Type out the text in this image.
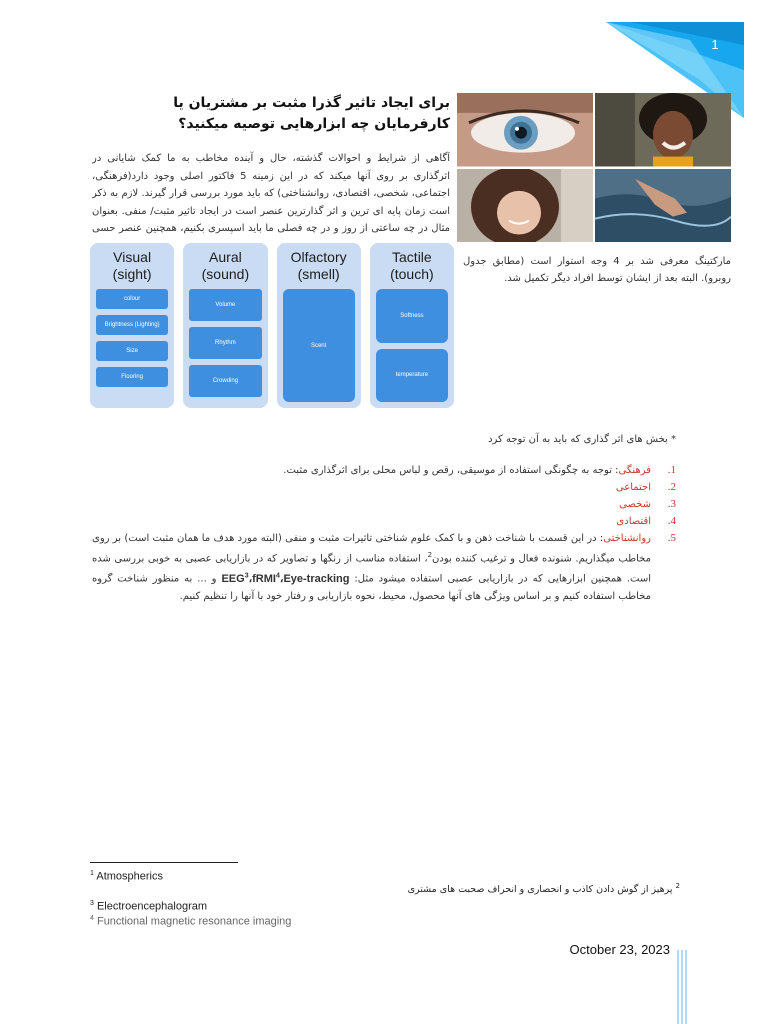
1
برای ایجاد تاثیر گذرا مثبت بر مشتریان یا کارفرمایان چه ابزارهایی توصیه میکنید؟
آگاهی از شرایط و احوالات گذشته، حال و آینده مخاطب به ما کمک شایانی در اثرگذاری بر روی آنها میکند که در این زمینه 5 فاکتور اصلی وجود دارد(فرهنگی، اجتماعی، شخصی، اقتصادی، روانشناختی) که باید مورد بررسی قرار گیرند. لازم به ذکر است زمان پایه ای ترین و اثر گذارترین عنصر است در ایجاد تاثیر مثبت/ منفی. بعنوان مثال در چه ساعتی از روز و در چه فصلی ما باید اسپسری بکنیم، همچنین عنصر حسی
مارکتینگ معرفی شد بر 4 وجه استوار است (مطابق جدول روبرو). البته بعد از ایشان توسط افراد دیگر تکمیل شد.
Visual
(sight)
colour
Brightness (Lighting)
Size
Flooring
Aural
(sound)
Volume
Rhythm
Crowding
Olfactory
(smell)
Scent
Tactile
(touch)
Softness
temperature
* بخش های اثر گذاری که باید به آن توجه کرد
1.
فرهنگی: توجه به چگونگی استفاده از موسیقی، رقص و لباس محلی برای اثرگذاری مثبت.
2.
اجتماعی
3.
شخصی
4.
اقتصادی
5.
روانشناختی: در این قسمت با شناخت ذهن و با کمک علوم شناختی تاثیرات مثبت و منفی (البته مورد هدف ما همان مثبت است) بر روی مخاطب میگذاریم. شنونده فعال و ترغیب کننده بودن$^2$، استفاده مناسب از رنگها و تصاویر که در بازاریابی عصبی به خوبی بررسی شده است. همچنین ابزارهایی که در بازاریابی عصبی استفاده میشود مثل: EEG$^3$،fRMI$^4$،Eye-tracking و ... به منظور شناخت گروه مخاطب استفاده کنیم و بر اساس ویژگی های آنها محصول، محیط، نحوه بازاریابی و رفتار خود با آنها را تنظیم کنیم.
$^1$ Atmospherics
$^2$ پرهیز از گوش دادن کاذب و انحصاری و انحراف صحبت های مشتری
$^3$ Electroencephalogram
$^4$ Functional magnetic resonance imaging
October 23, 2023
